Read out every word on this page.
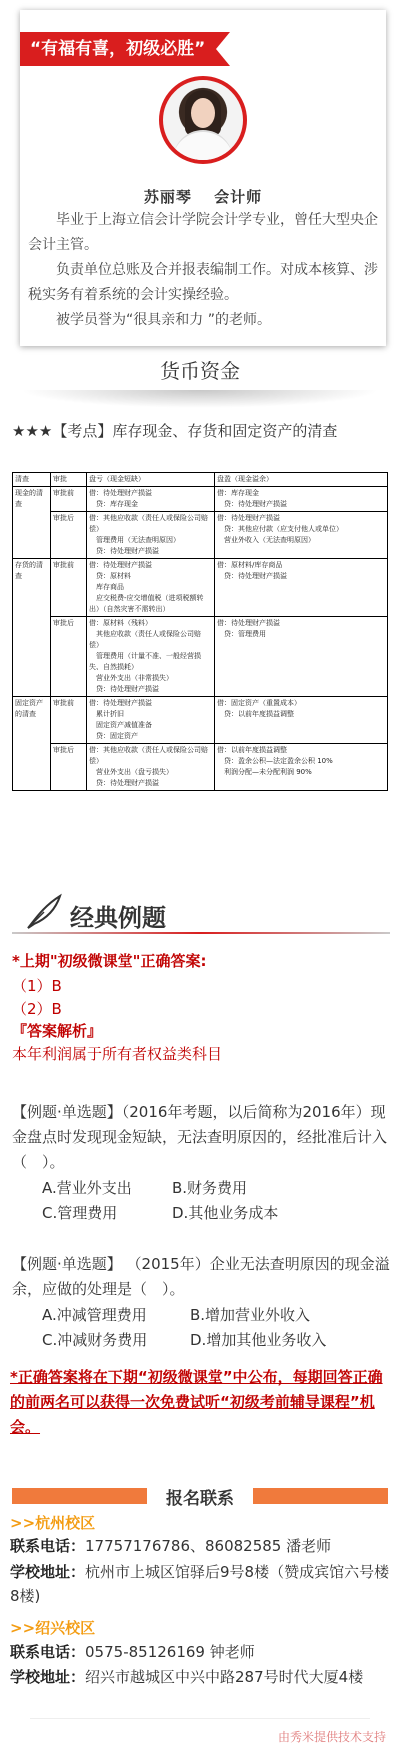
“有福有喜，初级必胜”
苏丽琴　 会计师

毕业于上海立信会计学院会计学专业，曾任大型央企会计主管。

负责单位总账及合并报表编制工作。对成本核算、涉税实务有着系统的会计实操经验。

被学员誉为“很具亲和力 ”的老师。

货币资金
★★★【考点】库存现金、存货和固定资产的清查
清查	审批	盘亏（现金短缺）	盘盈（现金溢余）
现金的清查	审批前	借：待处理财产损溢
　贷：库存现金	借：库存现金
　贷：待处理财产损溢
	审批后	借：其他应收款（责任人或保险公司赔偿）
　管理费用（无法查明原因）
　贷：待处理财产损溢	借：待处理财产损溢
　贷：其他应付款（应支付他人或单位）
　营业外收入（无法查明原因）
存货的清查	审批前	借：待处理财产损溢
　贷：原材料
　库存商品
　应交税费-应交增值税（进项税额转出）（自然灾害不需转出）	借：原材料/库存商品
　贷：待处理财产损溢
	审批后	借：原材料（残料）
　其他应收款（责任人或保险公司赔偿）
　管理费用（计量不准、一般经营损失、自然损耗）
　营业外支出（非常损失）
　贷：待处理财产损溢	借：待处理财产损溢
　贷：管理费用
固定资产的清查	审批前	借：待处理财产损溢
　累计折旧
　固定资产减值准备
　贷：固定资产	借：固定资产（重置成本）
　贷：以前年度损益调整
	审批后	借：其他应收款（责任人或保险公司赔偿）
　营业外支出（盘亏损失）
　贷：待处理财产损溢	借：以前年度损益调整
　贷：盈余公积—法定盈余公积 10%
　利润分配—未分配利润 90%
经典例题
*上期"初级微课堂"正确答案:
（1）B
（2）B
『答案解析』
本年利润属于所有者权益类科目
【例题·单选题】（2016年考题，以后简称为2016年）现金盘点时发现现金短缺，无法查明原因的，经批准后计入（　）。
A.营业外支出	B.财务费用
C.管理费用	D.其他业务成本
【例题·单选题】 （2015年）企业无法查明原因的现金溢余，应做的处理是（　）。
A.冲减管理费用	B.增加营业外收入
C.冲减财务费用	D.增加其他业务收入
*正确答案将在下期“初级微课堂”中公布，每期回答正确的前两名可以获得一次免费试听“初级考前辅导课程”机会。
报名联系
>>杭州校区
联系电话：17757176786、86082585 潘老师
学校地址：杭州市上城区馆驿后9号8楼（赞成宾馆六号楼8楼)
>>绍兴校区
联系电话：0575-85126169 钟老师
学校地址：绍兴市越城区中兴中路287号时代大厦4楼
由秀米提供技术支持
